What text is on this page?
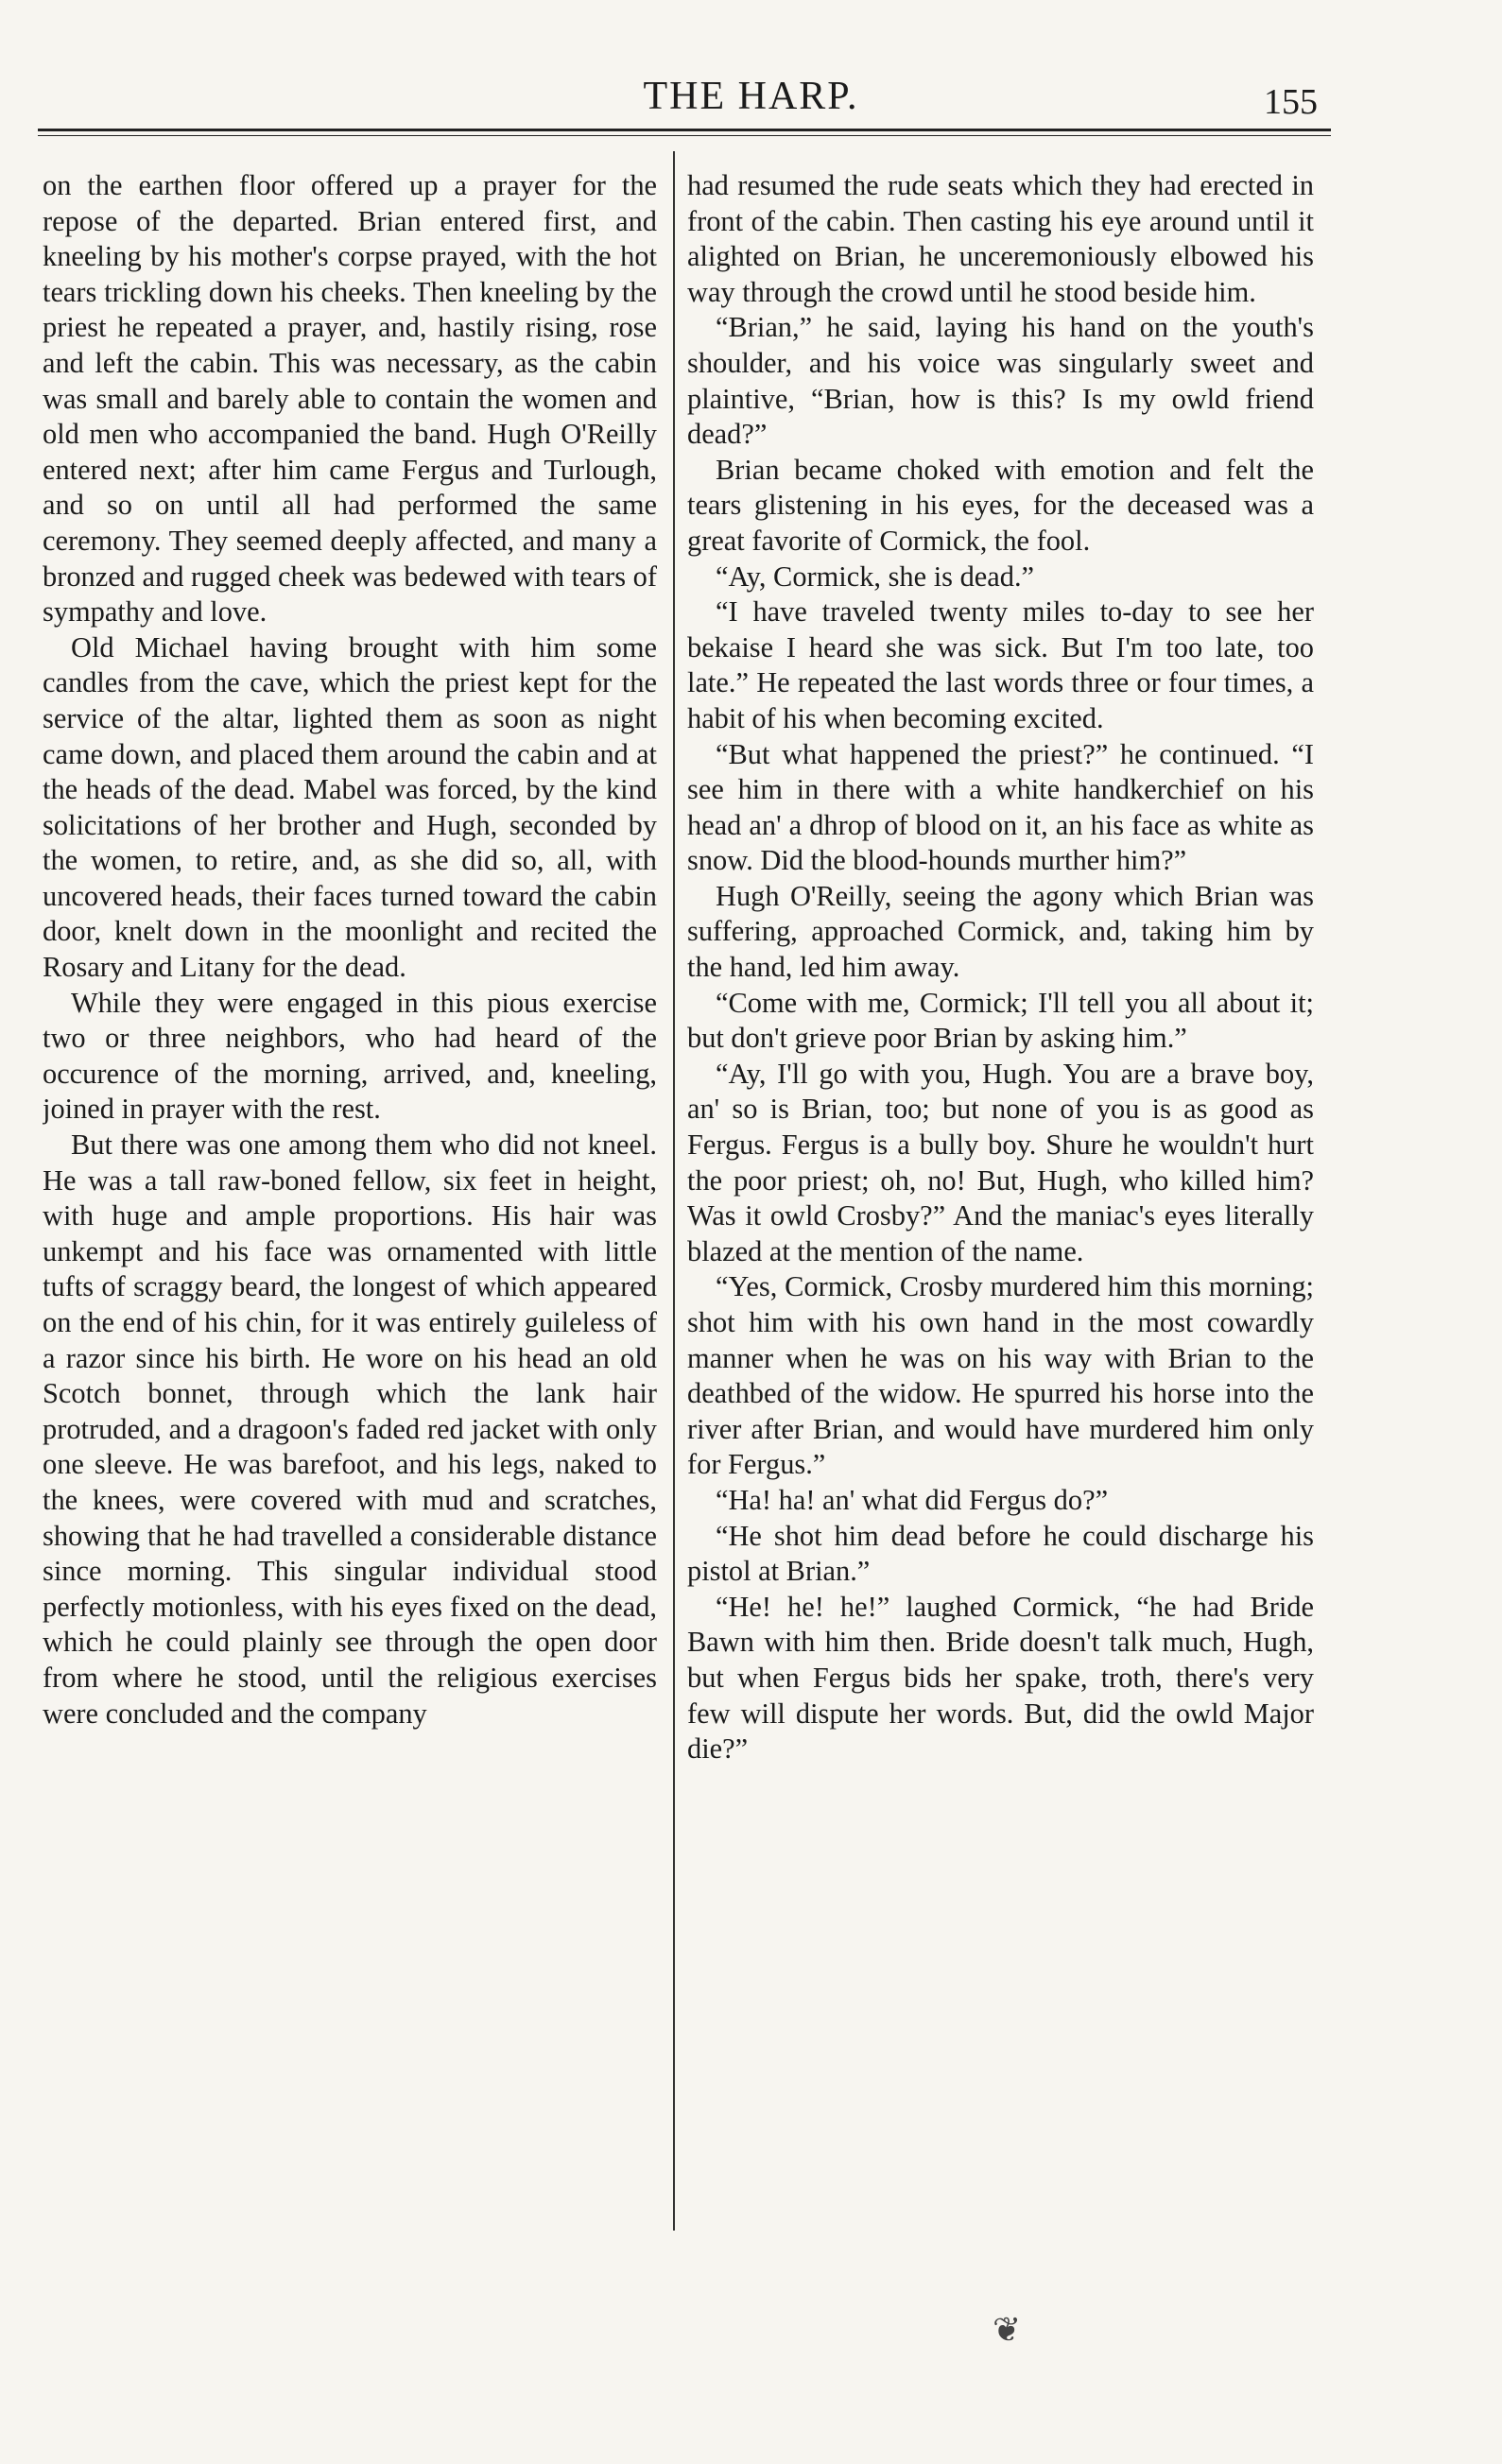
THE HARP.	155

on the earthen floor offered up a prayer for the repose of the departed. Brian entered first, and kneeling by his mother's corpse prayed, with the hot tears trickling down his cheeks. Then kneeling by the priest he repeated a prayer, and, hastily rising, rose and left the cabin. This was necessary, as the cabin was small and barely able to contain the women and old men who accompanied the band. Hugh O'Reilly entered next; after him came Fergus and Turlough, and so on until all had performed the same ceremony. They seemed deeply affected, and many a bronzed and rugged cheek was bedewed with tears of sympathy and love.

Old Michael having brought with him some candles from the cave, which the priest kept for the service of the altar, lighted them as soon as night came down, and placed them around the cabin and at the heads of the dead. Mabel was forced, by the kind solicitations of her brother and Hugh, seconded by the women, to retire, and, as she did so, all, with uncovered heads, their faces turned toward the cabin door, knelt down in the moonlight and recited the Rosary and Litany for the dead.

While they were engaged in this pious exercise two or three neighbors, who had heard of the occurence of the morning, arrived, and, kneeling, joined in prayer with the rest.

But there was one among them who did not kneel. He was a tall raw-boned fellow, six feet in height, with huge and ample proportions. His hair was unkempt and his face was ornamented with little tufts of scraggy beard, the longest of which appeared on the end of his chin, for it was entirely guileless of a razor since his birth. He wore on his head an old Scotch bonnet, through which the lank hair protruded, and a dragoon's faded red jacket with only one sleeve. He was barefoot, and his legs, naked to the knees, were covered with mud and scratches, showing that he had travelled a considerable distance since morning. This singular individual stood perfectly motionless, with his eyes fixed on the dead, which he could plainly see through the open door from where he stood, until the religious exercises were concluded and the company

had resumed the rude seats which they had erected in front of the cabin. Then casting his eye around until it alighted on Brian, he unceremoniously elbowed his way through the crowd until he stood beside him.

“Brian,” he said, laying his hand on the youth's shoulder, and his voice was singularly sweet and plaintive, “Brian, how is this? Is my owld friend dead?”

Brian became choked with emotion and felt the tears glistening in his eyes, for the deceased was a great favorite of Cormick, the fool.

“Ay, Cormick, she is dead.”

“I have traveled twenty miles to-day to see her bekaise I heard she was sick. But I'm too late, too late.” He repeated the last words three or four times, a habit of his when becoming excited.

“But what happened the priest?” he continued. “I see him in there with a white handkerchief on his head an' a dhrop of blood on it, an his face as white as snow. Did the blood-hounds murther him?”

Hugh O'Reilly, seeing the agony which Brian was suffering, approached Cormick, and, taking him by the hand, led him away.

“Come with me, Cormick; I'll tell you all about it; but don't grieve poor Brian by asking him.”

“Ay, I'll go with you, Hugh. You are a brave boy, an' so is Brian, too; but none of you is as good as Fergus. Fergus is a bully boy. Shure he wouldn't hurt the poor priest; oh, no! But, Hugh, who killed him? Was it owld Crosby?” And the maniac's eyes literally blazed at the mention of the name.

“Yes, Cormick, Crosby murdered him this morning; shot him with his own hand in the most cowardly manner when he was on his way with Brian to the deathbed of the widow. He spurred his horse into the river after Brian, and would have murdered him only for Fergus.”

“Ha! ha! an' what did Fergus do?”

“He shot him dead before he could discharge his pistol at Brian.”

“He! he! he!” laughed Cormick, “he had Bride Bawn with him then. Bride doesn't talk much, Hugh, but when Fergus bids her spake, troth, there's very few will dispute her words. But, did the owld Major die?”

❦
